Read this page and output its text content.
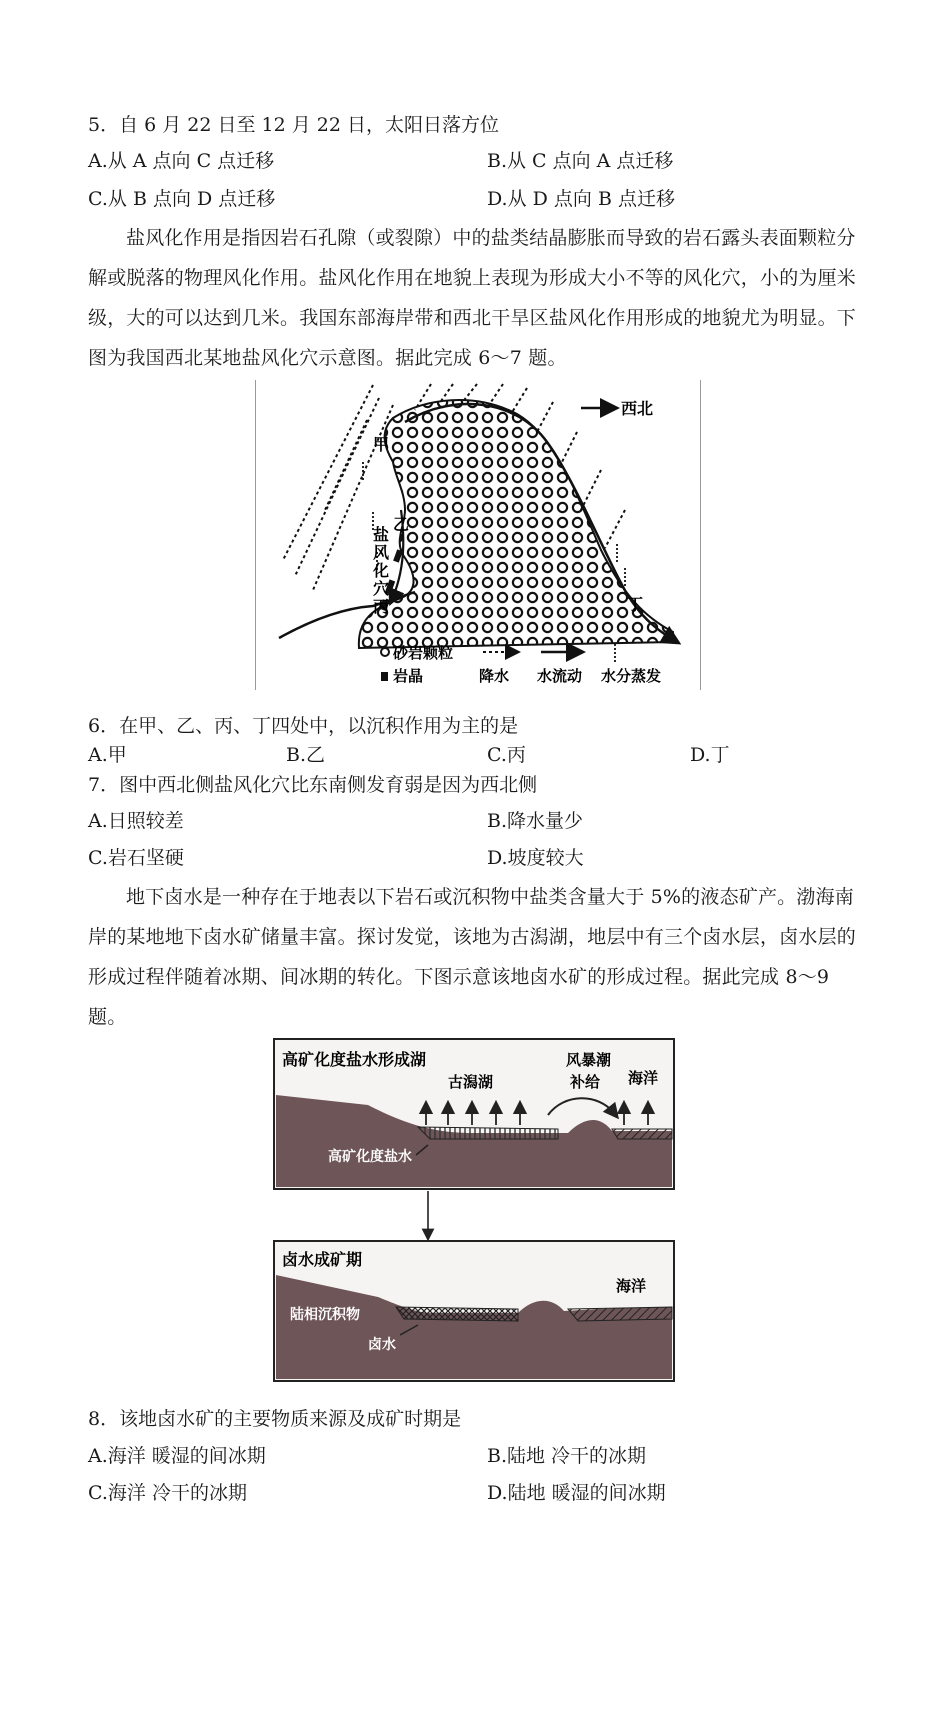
5．自 6 月 22 日至 12 月 22 日，太阳日落方位
A.从 A 点向 C 点迁移	B.从 C 点向 A 点迁移
C.从 B 点向 D 点迁移	D.从 D 点向 B 点迁移
盐风化作用是指因岩石孔隙（或裂隙）中的盐类结晶膨胀而导致的岩石露头表面颗粒分解或脱落的物理风化作用。盐风化作用在地貌上表现为形成大小不等的风化穴，小的为厘米级，大的可以达到几米。我国东部海岸带和西北干旱区盐风化作用形成的地貌尤为明显。下图为我国西北某地盐风化穴示意图。据此完成 6～7 题。
西北
甲
乙
丙	丁
盐
风
化
穴
砂岩颗粒
岩晶	降水 水流动 水分蒸发
6．在甲、乙、丙、丁四处中，以沉积作用为主的是
A.甲	B.乙	C.丙	D.丁
7．图中西北侧盐风化穴比东南侧发育弱是因为西北侧
A.日照较差	B.降水量少
C.岩石坚硬	D.坡度较大
地下卤水是一种存在于地表以下岩石或沉积物中盐类含量大于 5%的液态矿产。渤海南岸的某地地下卤水矿储量丰富。探讨发觉，该地为古潟湖，地层中有三个卤水层，卤水层的形成过程伴随着冰期、间冰期的转化。下图示意该地卤水矿的形成过程。据此完成 8～9 题。
高矿化度盐水形成湖
古潟湖
风暴潮
补给 海洋
高矿化度盐水
卤水成矿期
海洋
陆相沉积物
卤水
8．该地卤水矿的主要物质来源及成矿时期是
A.海洋 暖湿的间冰期	B.陆地 冷干的冰期
C.海洋 冷干的冰期	D.陆地 暖湿的间冰期
